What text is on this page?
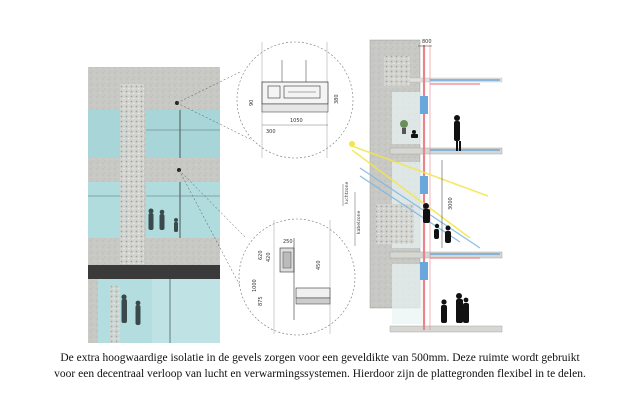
1050
300
90	380
450
420
620
1000
875
250
800
3000
luchtzone
kabelzone
De extra hoogwaardige isolatie in de gevels zorgen voor een geveldikte van 500mm. Deze ruimte wordt gebruikt
voor een decentraal verloop van lucht en verwarmingssystemen. Hierdoor zijn de plattegronden flexibel in te delen.
